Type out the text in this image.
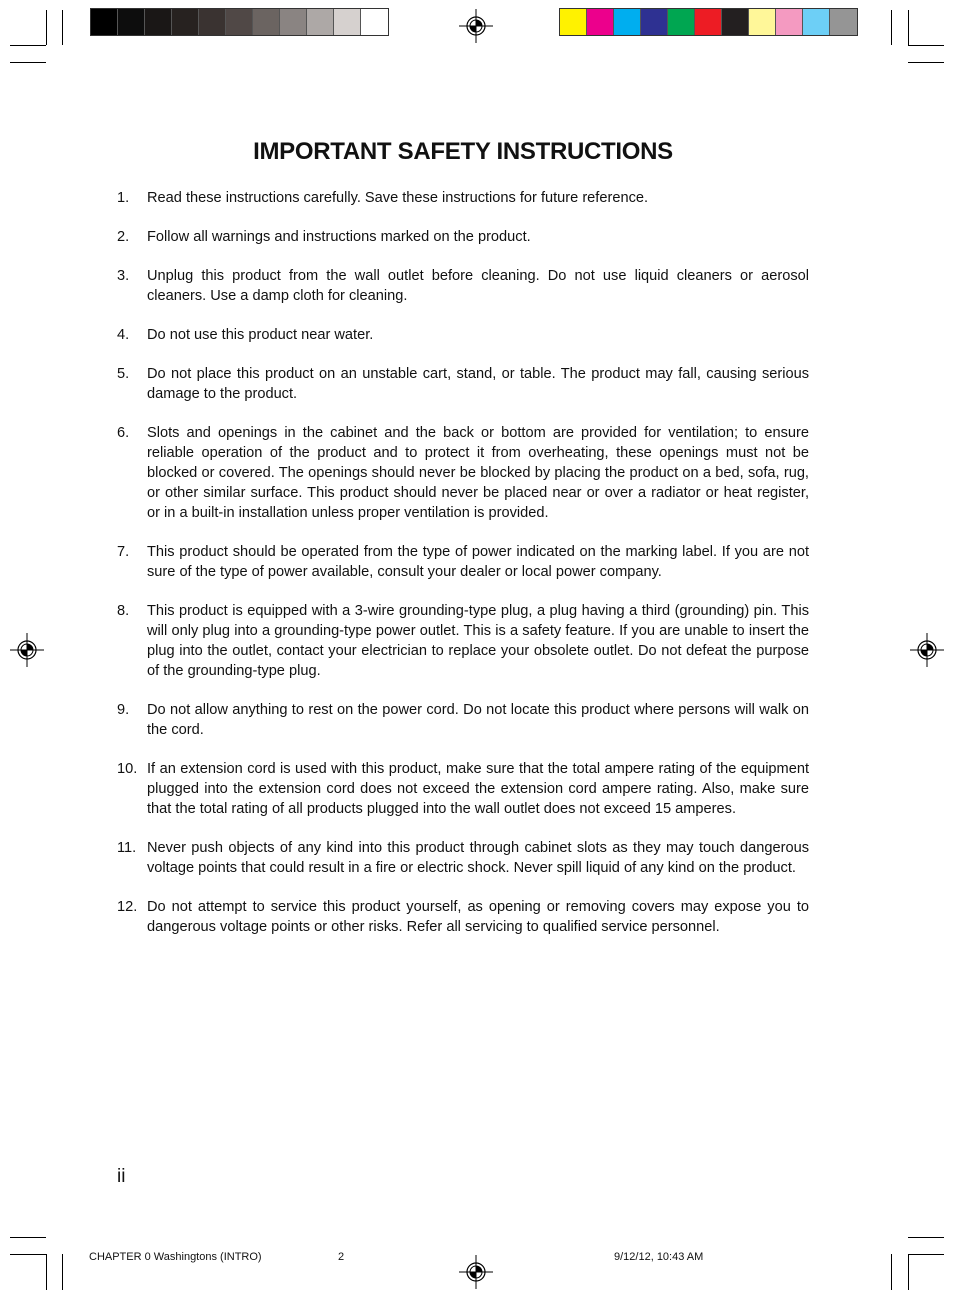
IMPORTANT SAFETY INSTRUCTIONS
1.	Read these instructions carefully. Save these instructions for future reference.
2.	Follow all warnings and instructions marked on the product.
3.	Unplug this product from the wall outlet before cleaning. Do not use liquid cleaners or aerosol cleaners. Use a damp cloth for cleaning.
4.	Do not use this product near water.
5.	Do not place this product on an unstable cart, stand, or table. The product may fall, causing serious damage to the product.
6.	Slots and openings in the cabinet and the back or bottom are provided for ventilation; to ensure reliable operation of the product and to protect it from overheating, these openings must not be blocked or covered. The openings should never be blocked by placing the product on a bed, sofa, rug, or other similar surface. This product should never be placed near or over a radiator or heat register, or in a built-in installation unless proper ventilation is provided.
7.	This product should be operated from the type of power indicated on the marking label. If you are not sure of the type of power available, consult your dealer or local power company.
8.	This product is equipped with a 3-wire grounding-type plug, a plug having a third (grounding) pin. This will only plug into a grounding-type power outlet. This is a safety feature. If you are unable to insert the plug into the outlet, contact your electrician to replace your obsolete outlet. Do not defeat the purpose of the grounding-type plug.
9.	Do not allow anything to rest on the power cord. Do not locate this product where persons will walk on the cord.
10. If an extension cord is used with this product, make sure that the total ampere rating of the equipment plugged into the extension cord does not exceed the extension cord ampere rating. Also, make sure that the total rating of all products plugged into the wall outlet does not exceed 15 amperes.
11. Never push objects of any kind into this product through cabinet slots as they may touch dangerous voltage points that could result in a fire or electric shock. Never spill liquid of any kind on the product.
12. Do not attempt to service this product yourself, as opening or removing covers may expose you to dangerous voltage points or other risks. Refer all servicing to qualified service personnel.
ii
CHAPTER 0 Washingtons (INTRO)	2	9/12/12, 10:43 AM
